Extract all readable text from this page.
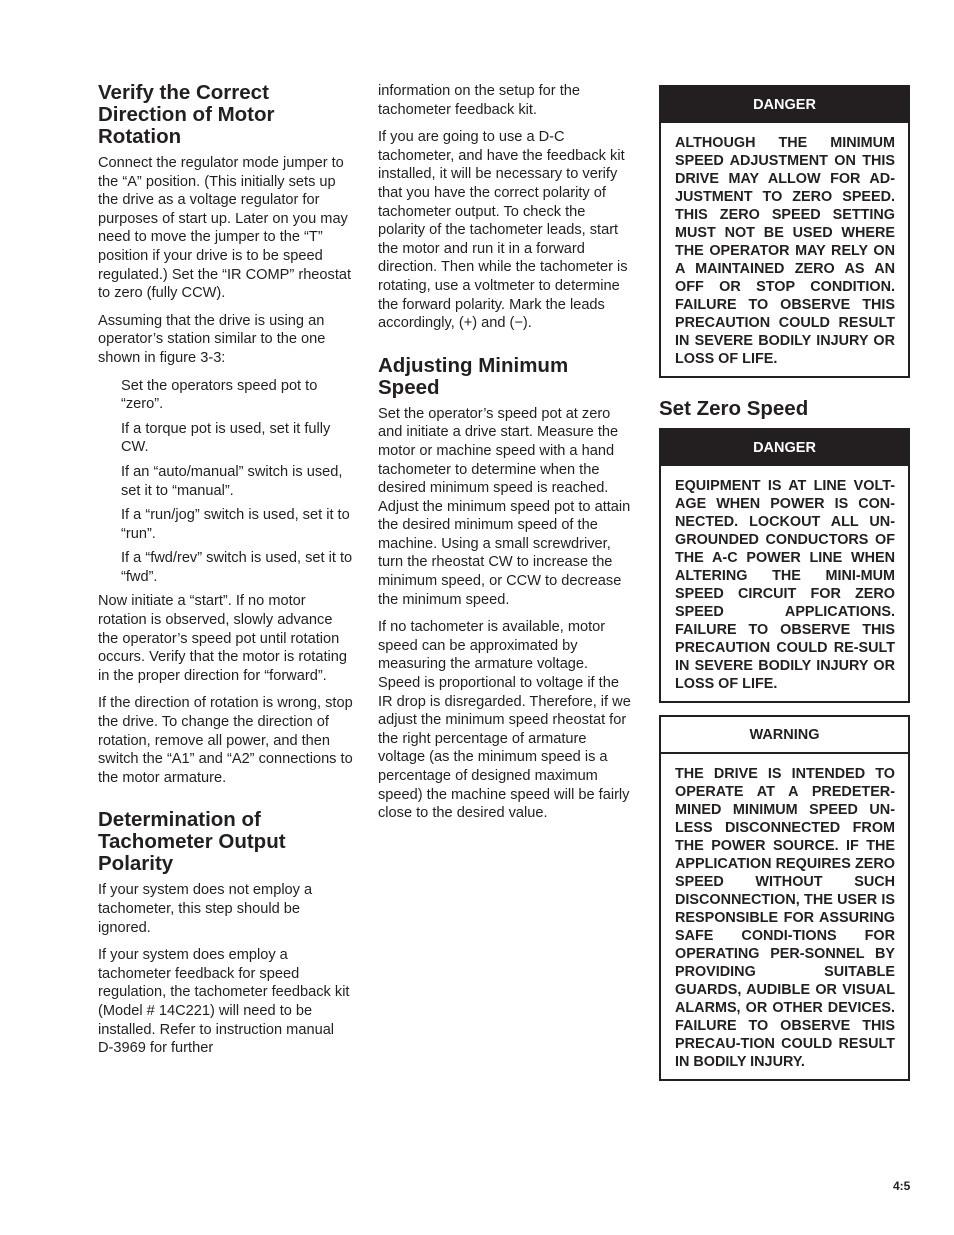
Verify the Correct Direction of Motor Rotation

Connect the regulator mode jumper to the “A” position. (This initially sets up the drive as a voltage regulator for purposes of start up. Later on you may need to move the jumper to the “T” position if your drive is to be speed regulated.) Set the “IR COMP” rheostat to zero (fully CCW).

Assuming that the drive is using an operator’s station similar to the one shown in figure 3-3:

Set the operators speed pot to “zero”.

If a torque pot is used, set it fully CW.

If an “auto/manual” switch is used, set it to “manual”.

If a “run/jog” switch is used, set it to “run”.

If a “fwd/rev” switch is used, set it to “fwd”.

Now initiate a “start”. If no motor rotation is observed, slowly advance the operator’s speed pot until rotation occurs. Verify that the motor is rotating in the proper direction for “forward”.

If the direction of rotation is wrong, stop the drive. To change the direction of rotation, remove all power, and then switch the “A1” and “A2” connections to the motor armature.

Determination of Tachometer Output Polarity

If your system does not employ a tachometer, this step should be ignored.

If your system does employ a tachometer feedback for speed regulation, the tachometer feedback kit (Model # 14C221) will need to be installed. Refer to instruction manual D-3969 for further

information on the setup for the tachometer feedback kit.

If you are going to use a D-C tachometer, and have the feedback kit installed, it will be necessary to verify that you have the correct polarity of tachometer output. To check the polarity of the tachometer leads, start the motor and run it in a forward direction. Then while the tachometer is rotating, use a voltmeter to determine the forward polarity. Mark the leads accordingly, (+) and (−).

Adjusting Minimum Speed

Set the operator’s speed pot at zero and initiate a drive start. Measure the motor or machine speed with a hand tachometer to determine when the desired minimum speed is reached. Adjust the minimum speed pot to attain the desired minimum speed of the machine. Using a small screwdriver, turn the rheostat CW to increase the minimum speed, or CCW to decrease the minimum speed.

If no tachometer is available, motor speed can be approximated by measuring the armature voltage. Speed is proportional to voltage if the IR drop is disregarded. Therefore, if we adjust the minimum speed rheostat for the right percentage of armature voltage (as the minimum speed is a percentage of designed maximum speed) the machine speed will be fairly close to the desired value.

DANGER
ALTHOUGH THE MINIMUM SPEED ADJUSTMENT ON THIS DRIVE MAY ALLOW FOR AD-JUSTMENT TO ZERO SPEED. THIS ZERO SPEED SETTING MUST NOT BE USED WHERE THE OPERATOR MAY RELY ON A MAINTAINED ZERO AS AN OFF OR STOP CONDITION. FAILURE TO OBSERVE THIS PRECAUTION COULD RESULT IN SEVERE BODILY INJURY OR LOSS OF LIFE.
Set Zero Speed
DANGER
EQUIPMENT IS AT LINE VOLT-AGE WHEN POWER IS CON-NECTED. LOCKOUT ALL UN-GROUNDED CONDUCTORS OF THE A-C POWER LINE WHEN ALTERING THE MINI-MUM SPEED CIRCUIT FOR ZERO SPEED APPLICATIONS. FAILURE TO OBSERVE THIS PRECAUTION COULD RE-SULT IN SEVERE BODILY INJURY OR LOSS OF LIFE.
WARNING
THE DRIVE IS INTENDED TO OPERATE AT A PREDETER-MINED MINIMUM SPEED UN-LESS DISCONNECTED FROM THE POWER SOURCE. IF THE APPLICATION REQUIRES ZERO SPEED WITHOUT SUCH DISCONNECTION, THE USER IS RESPONSIBLE FOR ASSURING SAFE CONDI-TIONS FOR OPERATING PER-SONNEL BY PROVIDING SUITABLE GUARDS, AUDIBLE OR VISUAL ALARMS, OR OTHER DEVICES. FAILURE TO OBSERVE THIS PRECAU-TION COULD RESULT IN BODILY INJURY.
4:5
